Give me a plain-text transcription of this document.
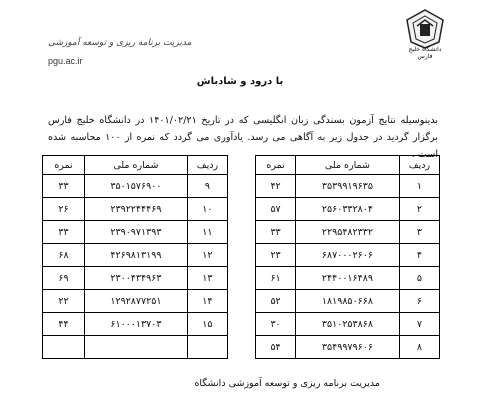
مدیریت برنامه ریزی و توسعه آموزشی
pgu.ac.ir
دانشگاه خلیج فارس
با درود و شادباش
بدینوسیله نتایج آزمون بسندگی زبان انگلیسی که در تاریخ ۱۴۰۱/۰۲/۲۱ در دانشگاه خلیج فارس برگزار گردید در جدول زیر به آگاهی می رسد. یادآوری می گردد که نمره از ۱۰۰ محاسبه شده است .
ردیف	شماره ملی	نمره
۱	۳۵۳۹۹۱۹۶۳۵	۴۲
۲	۲۵۶۰۳۳۲۸۰۴	۵۷
۳	۲۲۹۵۴۸۲۳۳۲	۳۳
۴	۶۸۷۰۰۰۲۶۰۶	۲۳
۵	۲۴۴۰۰۱۶۴۸۹	۶۱
۶	۱۸۱۹۸۵۰۶۶۸	۵۲
۷	۳۵۱۰۲۵۳۸۶۸	۳۰
۸	۳۵۴۹۹۷۹۶۰۶	۵۴
ردیف	شماره ملی	نمره
۹	۳۵۰۱۵۷۶۹۰۰	۳۳
۱۰	۲۳۹۲۲۴۴۴۶۹	۲۶
۱۱	۲۳۹۰۹۷۱۳۹۳	۳۳
۱۲	۴۲۶۹۸۱۳۱۹۹	۶۸
۱۳	۲۳۰۰۴۳۴۹۶۳	۶۹
۱۴	۱۲۹۲۸۷۷۲۵۱	۲۲
۱۵	۶۱۰۰۰۱۳۷۰۳	۴۴

مدیریت برنامه ریزی و توسعه آموزشی دانشگاه
